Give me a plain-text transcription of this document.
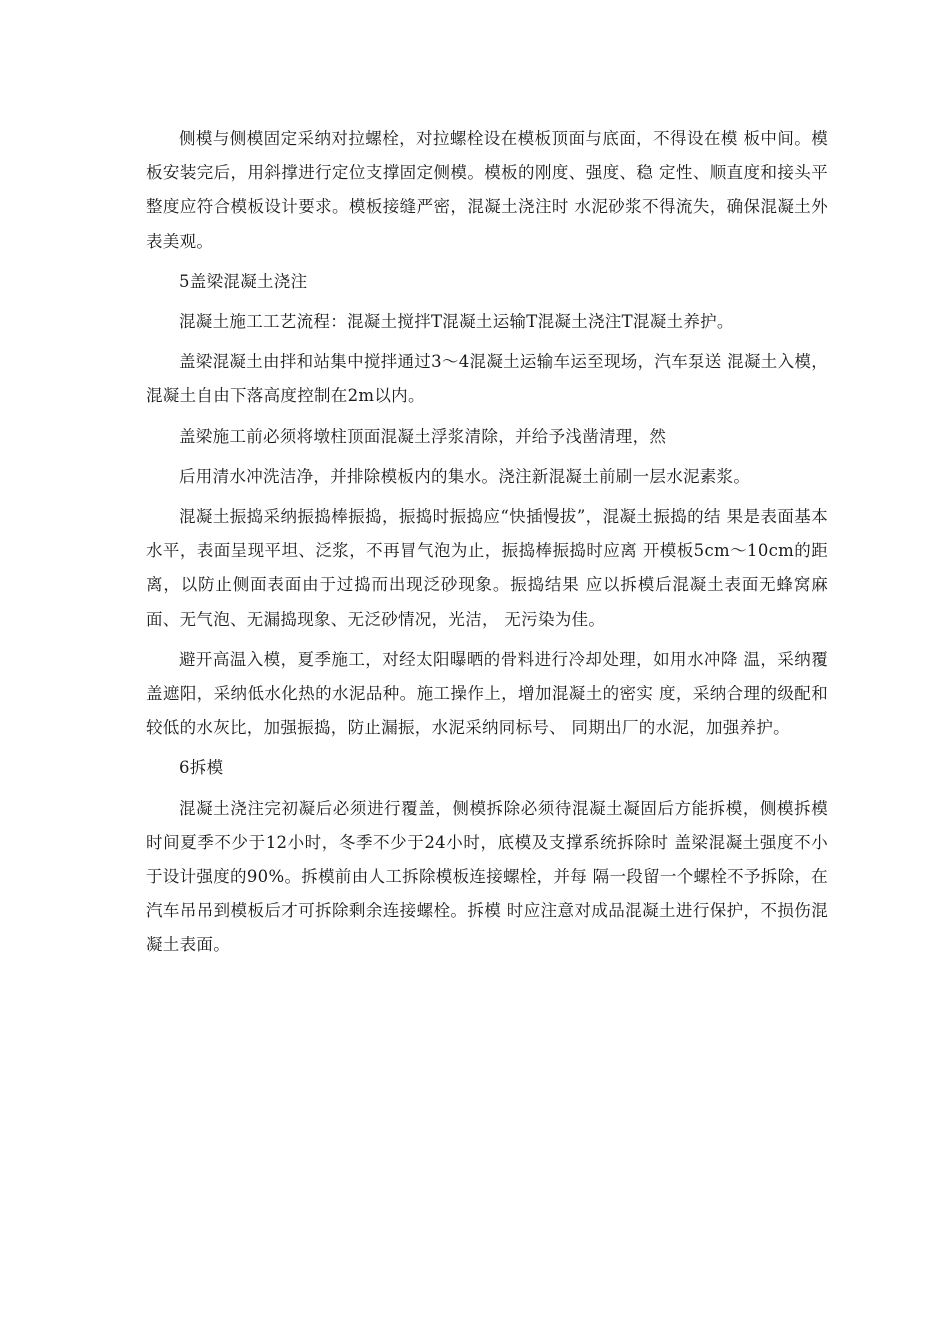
侧模与侧模固定采纳对拉螺栓，对拉螺栓设在模板顶面与底面，不得设在模 板中间。模板安装完后，用斜撑进行定位支撑固定侧模。模板的刚度、强度、稳 定性、顺直度和接头平整度应符合模板设计要求。模板接缝严密，混凝土浇注时 水泥砂浆不得流失，确保混凝土外表美观。

5盖梁混凝土浇注

混凝土施工工艺流程：混凝土搅拌T混凝土运输T混凝土浇注T混凝土养护。

盖梁混凝土由拌和站集中搅拌通过3〜4混凝土运输车运至现场，汽车泵送 混凝土入模，混凝土自由下落高度控制在2m以内。

盖梁施工前必须将墩柱顶面混凝土浮浆清除，并给予浅凿清理，然

后用清水冲洗洁净，并排除模板内的集水。浇注新混凝土前刷一层水泥素浆。

混凝土振捣采纳振捣棒振捣，振捣时振捣应“快插慢拔”，混凝土振捣的结 果是表面基本水平，表面呈现平坦、泛浆，不再冒气泡为止，振捣棒振捣时应离 开模板5cm〜10cm的距离，以防止侧面表面由于过捣而出现泛砂现象。振捣结果 应以拆模后混凝土表面无蜂窝麻面、无气泡、无漏捣现象、无泛砂情况，光洁， 无污染为佳。

避开高温入模，夏季施工，对经太阳曝晒的骨料进行冷却处理，如用水冲降 温，采纳覆盖遮阳，采纳低水化热的水泥品种。施工操作上，增加混凝土的密实 度，采纳合理的级配和较低的水灰比，加强振捣，防止漏振，水泥采纳同标号、 同期出厂的水泥，加强养护。

6拆模

混凝土浇注完初凝后必须进行覆盖，侧模拆除必须待混凝土凝固后方能拆模，侧模拆模时间夏季不少于12小时，冬季不少于24小时，底模及支撑系统拆除时 盖梁混凝土强度不小于设计强度的90%。拆模前由人工拆除模板连接螺栓，并每 隔一段留一个螺栓不予拆除，在汽车吊吊到模板后才可拆除剩余连接螺栓。拆模 时应注意对成品混凝土进行保护，不损伤混凝土表面。
